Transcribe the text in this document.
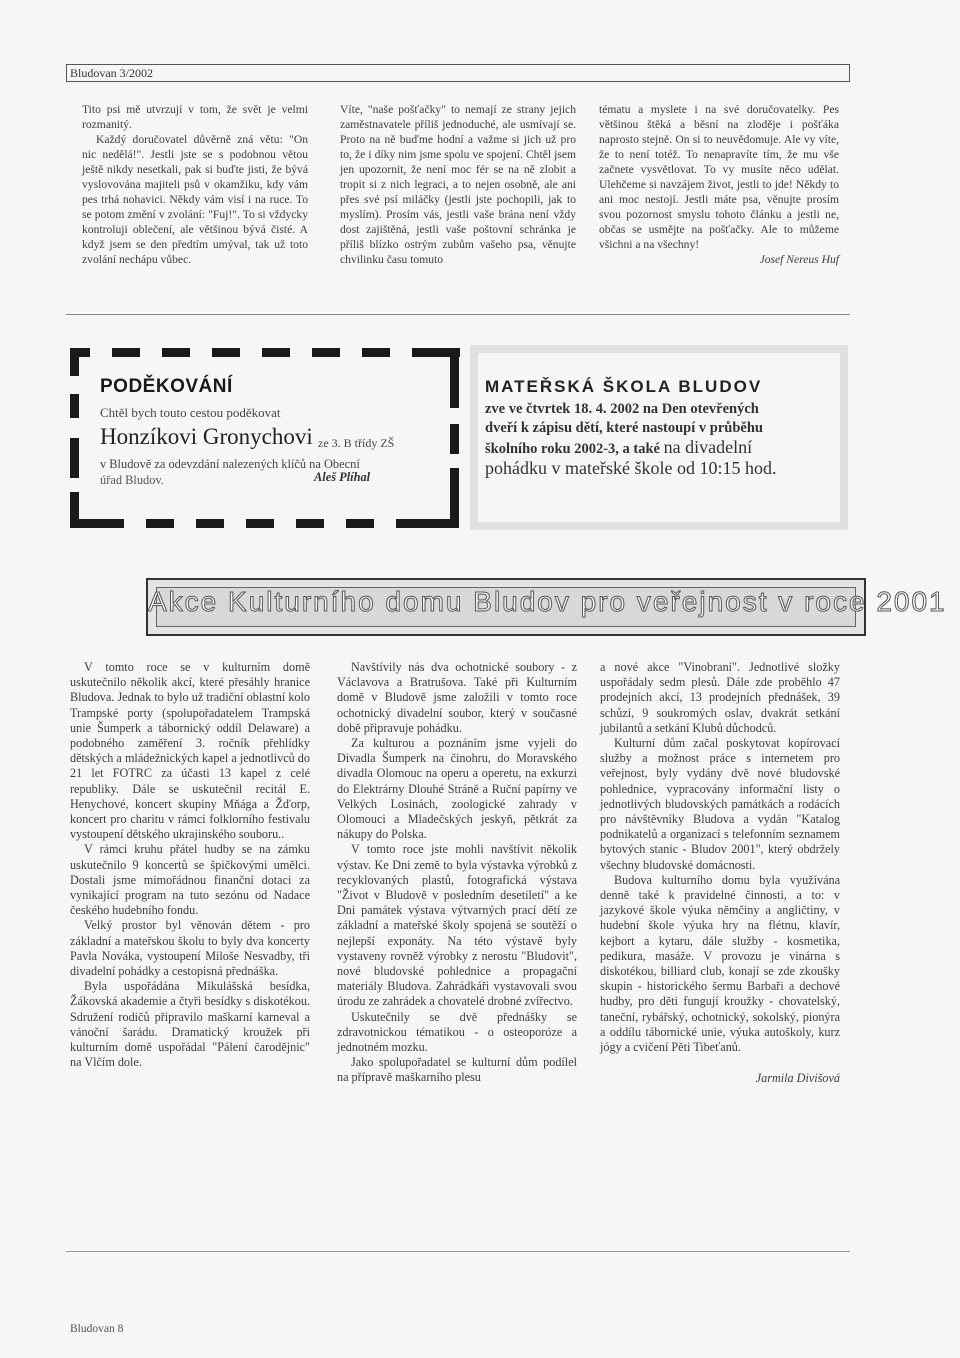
Bludovan 3/2002

Tito psi mě utvrzují v tom, že svět je velmi rozmanitý.

Každý doručovatel důvěrně zná větu: "On nic nedělá!". Jestli jste se s podobnou větou ještě nikdy nesetkali, pak si buďte jisti, že bývá vyslovována majiteli psů v okamžiku, kdy vám pes trhá nohavici. Někdy vám visí i na ruce. To se potom změní v zvolání: "Fuj!". To si vždycky kontroluji oblečení, ale většinou bývá čisté. A když jsem se den předtím umýval, tak už toto zvolání nechápu vůbec.

Víte, "naše pošťačky" to nemají ze strany jejich zaměstnavatele příliš jednoduché, ale usmívají se. Proto na ně buďme hodní a važme si jich už pro to, že i díky nim jsme spolu ve spojení. Chtěl jsem jen upozornit, že není moc fér se na ně zlobit a tropit si z nich legraci, a to nejen osobně, ale ani přes své psí miláčky (jestli jste pochopili, jak to myslím). Prosím vás, jestli vaše brána není vždy dost zajištěná, jestli vaše poštovní schránka je příliš blízko ostrým zubům vašeho psa, věnujte chvilinku času tomuto

tématu a myslete i na své doručovatelky. Pes většinou štěká a běsní na zloděje i pošťáka naprosto stejně. On si to neuvědomuje. Ale vy víte, že to není totéž. To nenapravíte tím, že mu vše začnete vysvětlovat. To vy musíte něco udělat. Ulehčeme si navzájem život, jestli to jde! Někdy to ani moc nestojí. Jestli máte psa, věnujte prosím svou pozornost smyslu tohoto článku a jestli ne, občas se usmějte na pošťačky. Ale to můžeme všichni a na všechny!

Josef Nereus Huf
PODĚKOVÁNÍ
Chtěl bych touto cestou poděkovat
Honzíkovi Gronychovi ze 3. B třídy ZŠ
v Bludově za odevzdání nalezených klíčů na Obecní
úřad Bludov.	Aleš Plíhal
MATEŘSKÁ ŠKOLA BLUDOV
zve ve čtvrtek 18. 4. 2002 na Den otevřených
dveří k zápisu dětí, které nastoupí v průběhu
školního roku 2002-3, a také na divadelní
pohádku v mateřské škole od 10:15 hod.
Akce Kulturního domu Bludov pro veřejnost v roce 2001

V tomto roce se v kulturním domě uskutečnilo několik akcí, které přesáhly hranice Bludova. Jednak to bylo už tradiční oblastní kolo Trampské porty (spolupořadatelem Trampská unie Šumperk a tábornický oddíl Delaware) a podobného zaměření 3. ročník přehlídky dětských a mládežnických kapel a jednotlivců do 21 let FOTRC za účasti 13 kapel z celé republiky. Dále se uskutečnil recitál E. Henychové, koncert skupiny Mňága a Žďorp, koncert pro charitu v rámci folklorního festivalu vystoupení dětského ukrajinského souboru..

V rámci kruhu přátel hudby se na zámku uskutečnilo 9 koncertů se špičkovými umělci. Dostali jsme mimořádnou finanční dotaci za vynikající program na tuto sezónu od Nadace českého hudebního fondu.

Velký prostor byl věnován dětem - pro základní a mateřskou školu to byly dva koncerty Pavla Nováka, vystoupení Miloše Nesvadby, tři divadelní pohádky a cestopisná přednáška.

Byla uspořádána Mikulášská besídka, Žákovská akademie a čtyři besídky s diskotékou. Sdružení rodičů připravilo maškarní karneval a vánoční šarádu. Dramatický kroužek při kulturním domě uspořádal "Pálení čarodějnic" na Vlčím dole.

Navštívily nás dva ochotnické soubory - z Václavova a Bratrušova. Také při Kulturním domě v Bludově jsme založili v tomto roce ochotnický divadelní soubor, který v současné době připravuje pohádku.

Za kulturou a poznáním jsme vyjeli do Divadla Šumperk na činohru, do Moravského divadla Olomouc na operu a operetu, na exkurzi do Elektrárny Dlouhé Stráně a Ruční papírny ve Velkých Losinách, zoologické zahrady v Olomouci a Mladečských jeskyň, pětkrát za nákupy do Polska.

V tomto roce jste mohli navštívit několik výstav. Ke Dni země to byla výstavka výrobků z recyklovaných plastů, fotografická výstava "Život v Bludově v posledním desetiletí" a ke Dni památek výstava výtvarných prací dětí ze základní a mateřské školy spojená se soutěží o nejlepší exponáty. Na této výstavě byly vystaveny rovněž výrobky z nerostu "Bludovit", nové bludovské pohlednice a propagační materiály Bludova. Zahrádkáři vystavovali svou úrodu ze zahrádek a chovatelé drobné zvířectvo.

Uskutečnily se dvě přednášky se zdravotnickou tématikou - o osteoporóze a jednotném mozku.

Jako spolupořadatel se kulturní dům podílel na přípravě maškarního plesu

a nové akce "Vinobraní". Jednotlivé složky uspořádaly sedm plesů. Dále zde proběhlo 47 prodejních akcí, 13 prodejních přednášek, 39 schůzí, 9 soukromých oslav, dvakrát setkání jubilantů a setkání Klubů důchodců.

Kulturní dům začal poskytovat kopírovací služby a možnost práce s internetem pro veřejnost, byly vydány dvě nové bludovské pohlednice, vypracovány informační listy o jednotlivých bludovských památkách a rodácích pro návštěvníky Bludova a vydán "Katalog podnikatelů a organizací s telefonním seznamem bytových stanic - Bludov 2001", který obdržely všechny bludovské domácnosti.

Budova kulturního domu byla využívána denně také k pravidelné činnosti, a to: v jazykové škole výuka němčiny a angličtiny, v hudební škole výuka hry na flétnu, klavír, kejbort a kytaru, dále služby - kosmetika, pedikura, masáže. V provozu je vinárna s diskotékou, billiard club, konají se zde zkoušky skupin - historického šermu Barbaři a dechové hudby, pro děti fungují kroužky - chovatelský, taneční, rybářský, ochotnický, sokolský, pionýra a oddílu tábornické unie, výuka autoškoly, kurz jógy a cvičení Pěti Tibeťanů.

Jarmila Divišová
Bludovan 8
